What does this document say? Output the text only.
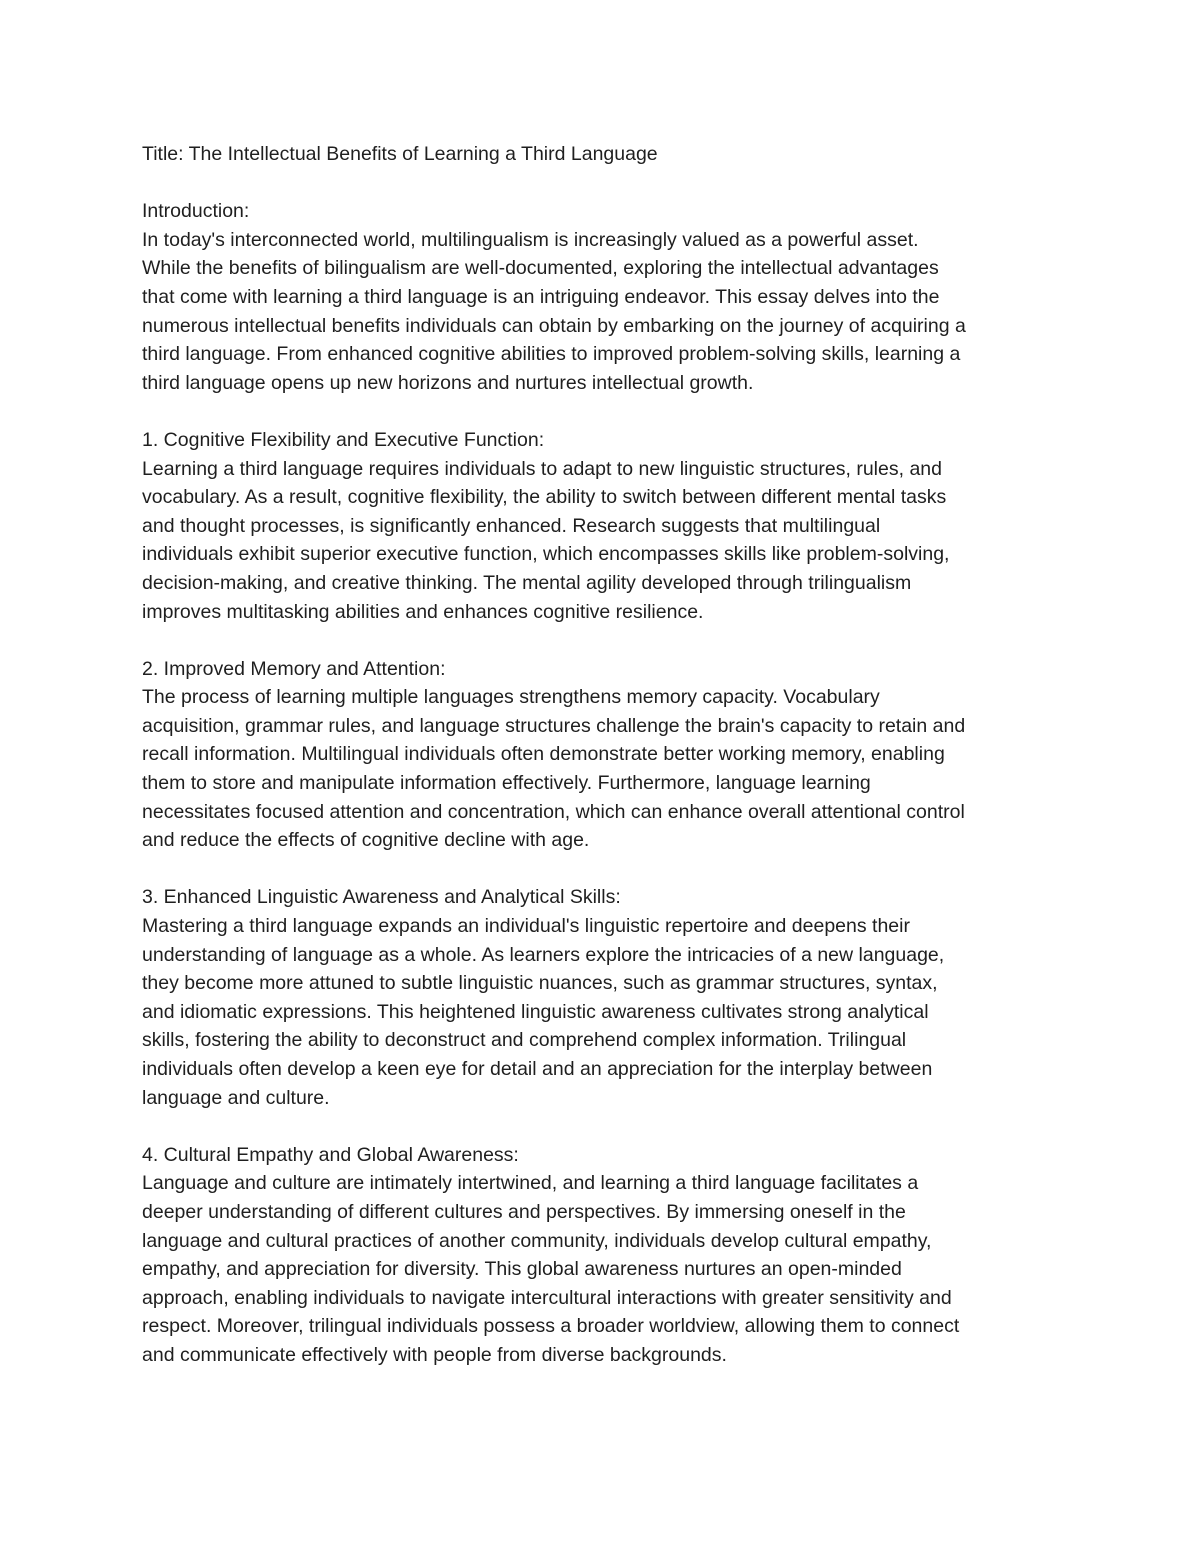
Title: The Intellectual Benefits of Learning a Third Language

Introduction:

In today's interconnected world, multilingualism is increasingly valued as a powerful asset.

While the benefits of bilingualism are well-documented, exploring the intellectual advantages

that come with learning a third language is an intriguing endeavor. This essay delves into the

numerous intellectual benefits individuals can obtain by embarking on the journey of acquiring a

third language. From enhanced cognitive abilities to improved problem-solving skills, learning a

third language opens up new horizons and nurtures intellectual growth.

1. Cognitive Flexibility and Executive Function:

Learning a third language requires individuals to adapt to new linguistic structures, rules, and

vocabulary. As a result, cognitive flexibility, the ability to switch between different mental tasks

and thought processes, is significantly enhanced. Research suggests that multilingual

individuals exhibit superior executive function, which encompasses skills like problem-solving,

decision-making, and creative thinking. The mental agility developed through trilingualism

improves multitasking abilities and enhances cognitive resilience.

2. Improved Memory and Attention:

The process of learning multiple languages strengthens memory capacity. Vocabulary

acquisition, grammar rules, and language structures challenge the brain's capacity to retain and

recall information. Multilingual individuals often demonstrate better working memory, enabling

them to store and manipulate information effectively. Furthermore, language learning

necessitates focused attention and concentration, which can enhance overall attentional control

and reduce the effects of cognitive decline with age.

3. Enhanced Linguistic Awareness and Analytical Skills:

Mastering a third language expands an individual's linguistic repertoire and deepens their

understanding of language as a whole. As learners explore the intricacies of a new language,

they become more attuned to subtle linguistic nuances, such as grammar structures, syntax,

and idiomatic expressions. This heightened linguistic awareness cultivates strong analytical

skills, fostering the ability to deconstruct and comprehend complex information. Trilingual

individuals often develop a keen eye for detail and an appreciation for the interplay between

language and culture.

4. Cultural Empathy and Global Awareness:

Language and culture are intimately intertwined, and learning a third language facilitates a

deeper understanding of different cultures and perspectives. By immersing oneself in the

language and cultural practices of another community, individuals develop cultural empathy,

empathy, and appreciation for diversity. This global awareness nurtures an open-minded

approach, enabling individuals to navigate intercultural interactions with greater sensitivity and

respect. Moreover, trilingual individuals possess a broader worldview, allowing them to connect

and communicate effectively with people from diverse backgrounds.
